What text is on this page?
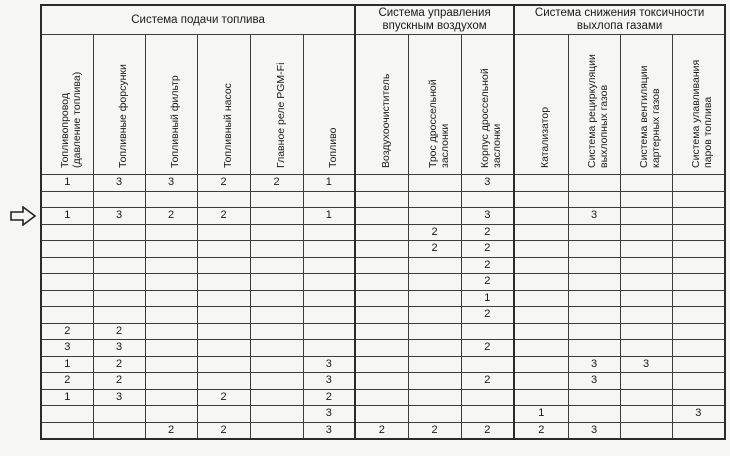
Система подачи топлива						Система управления впускным воздухом			Система снижения токсичности выхлопа газами			

Топливопровод (давление топлива)	Топливные форсунки	Топливный фильтр	Топливный насос	Главное реле PGM-Fi	Топливо	Воздухоочиститель	Трос дроссельной заслонки	Корпус дроссельной заслонки	Катализатор	Система рециркуляции выхлопных газов	Система вентиляции картерных газов	Система улавливания паров топлива

1	3	3	2	2	1			3				

1	3	2	2		1			3		3		
							2	2				
							2	2				
								2				
								2				
								1				
								2				
2	2											
3	3							2				
1	2				3					3	3	
2	2				3			2		3		
1	3		2		2							
					3				1			3
		2	2		3	2	2	2	2	3		
